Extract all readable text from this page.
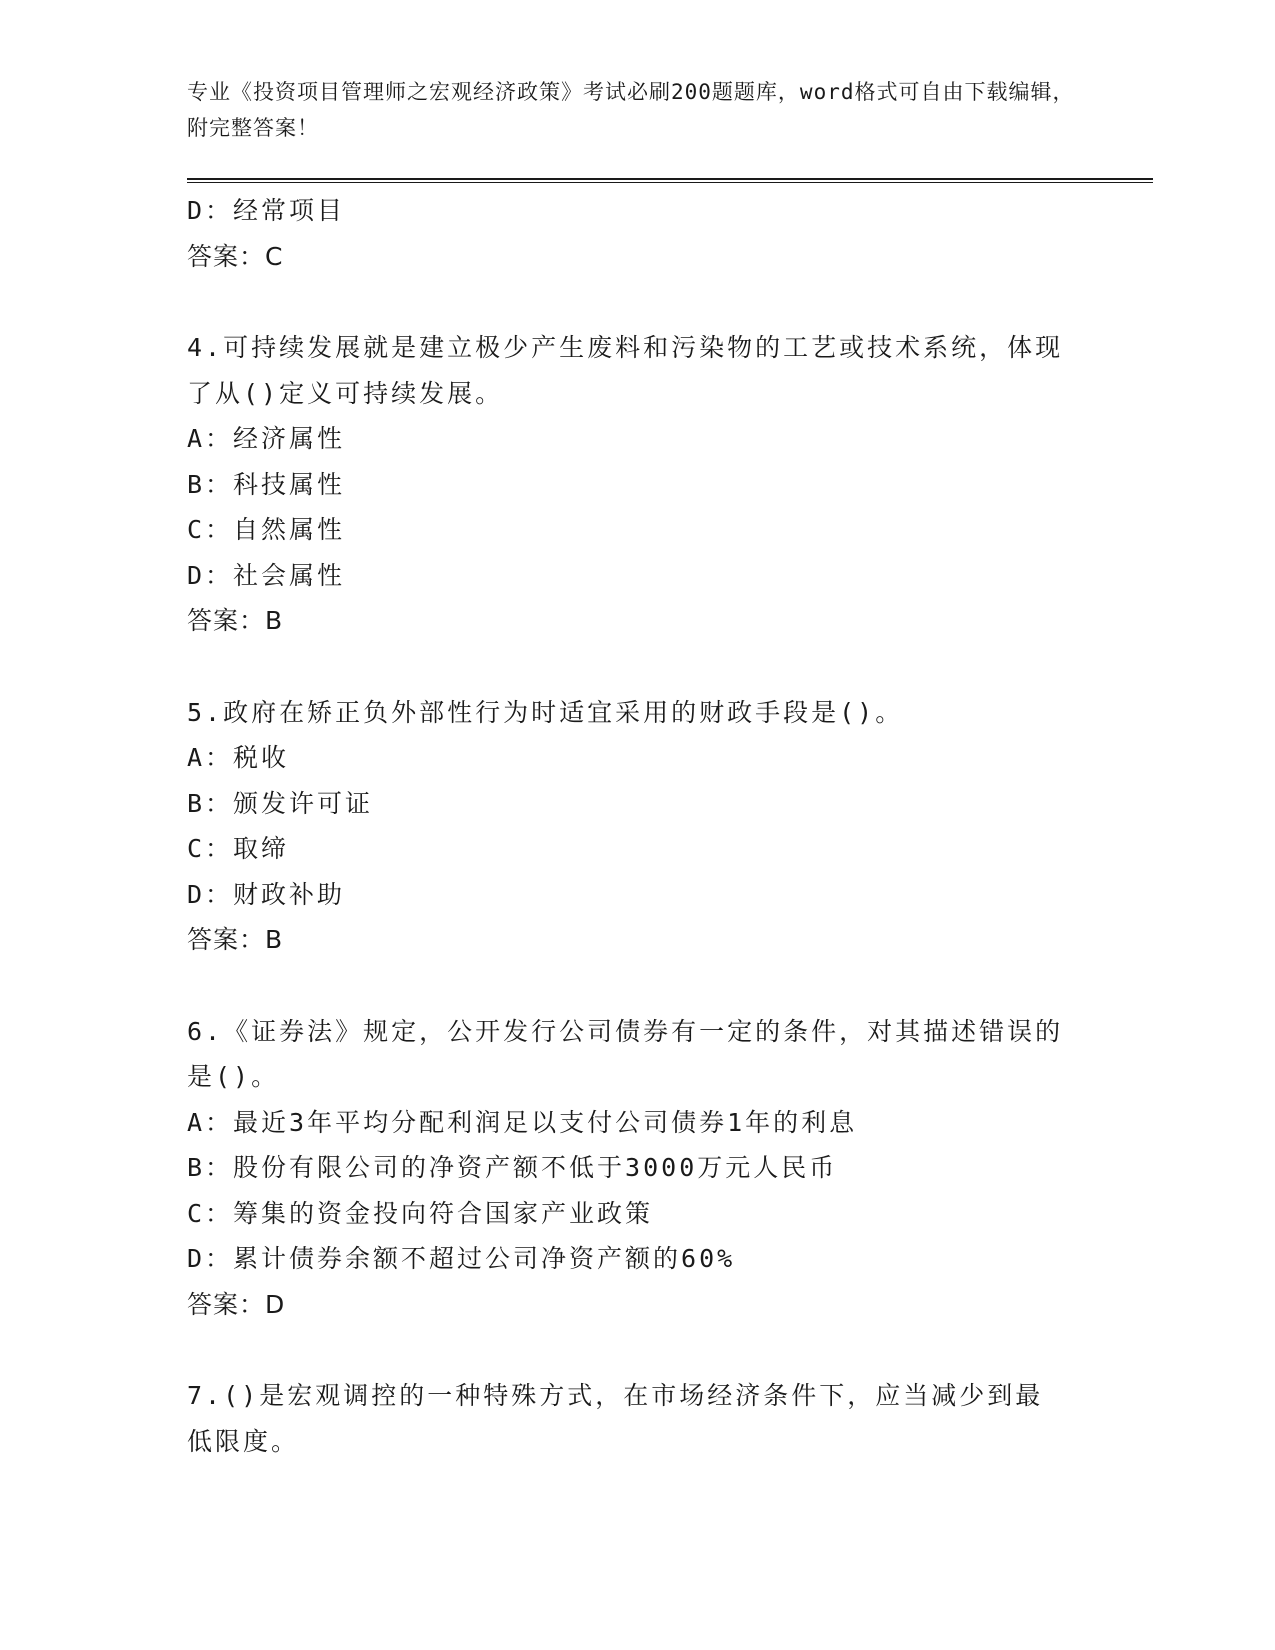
专业《投资项目管理师之宏观经济政策》考试必刷200题题库，word格式可自由下载编辑，附完整答案！
D：经常项目
答案：C
4.可持续发展就是建立极少产生废料和污染物的工艺或技术系统，体现了从()定义可持续发展。
A：经济属性
B：科技属性
C：自然属性
D：社会属性
答案：B
5.政府在矫正负外部性行为时适宜采用的财政手段是()。
A：税收
B：颁发许可证
C：取缔
D：财政补助
答案：B
6.《证券法》规定，公开发行公司债券有一定的条件，对其描述错误的是()。
A：最近3年平均分配利润足以支付公司债券1年的利息
B：股份有限公司的净资产额不低于3000万元人民币
C：筹集的资金投向符合国家产业政策
D：累计债券余额不超过公司净资产额的60%
答案：D
7.()是宏观调控的一种特殊方式，在市场经济条件下，应当减少到最低限度。
